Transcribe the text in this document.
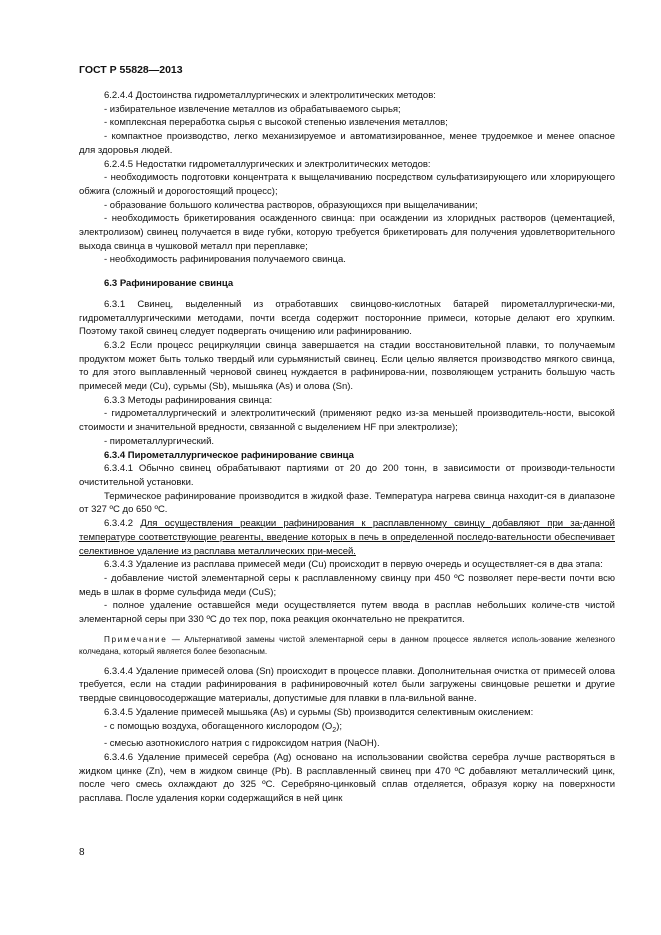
ГОСТ Р 55828—2013

6.2.4.4 Достоинства гидрометаллургических и электролитических методов:

- избирательное извлечение металлов из обрабатываемого сырья;

- комплексная переработка сырья с высокой степенью извлечения металлов;

- компактное производство, легко механизируемое и автоматизированное, менее трудоемкое и менее опасное для здоровья людей.

6.2.4.5 Недостатки гидрометаллургических и электролитических методов:

- необходимость подготовки концентрата к выщелачиванию посредством сульфатизирующего или хлорирующего обжига (сложный и дорогостоящий процесс);

- образование большого количества растворов, образующихся при выщелачивании;

- необходимость брикетирования осажденного свинца: при осаждении из хлоридных растворов (цементацией, электролизом) свинец получается в виде губки, которую требуется брикетировать для получения удовлетворительного выхода свинца в чушковой металл при переплавке;

- необходимость рафинирования получаемого свинца.

6.3 Рафинирование свинца

6.3.1 Свинец, выделенный из отработавших свинцово-кислотных батарей пирометаллургически-ми, гидрометаллургическими методами, почти всегда содержит посторонние примеси, которые делают его хрупким. Поэтому такой свинец следует подвергать очищению или рафинированию.

6.3.2 Если процесс рециркуляции свинца завершается на стадии восстановительной плавки, то получаемым продуктом может быть только твердый или сурьмянистый свинец. Если целью является производство мягкого свинца, то для этого выплавленный черновой свинец нуждается в рафинирова-нии, позволяющем устранить большую часть примесей меди (Cu), сурьмы (Sb), мышьяка (As) и олова (Sn).

6.3.3 Методы рафинирования свинца:

- гидрометаллургический и электролитический (применяют редко из-за меньшей производитель-ности, высокой стоимости и значительной вредности, связанной с выделением HF при электролизе);

- пирометаллургический.

6.3.4 Пирометаллургическое рафинирование свинца

6.3.4.1 Обычно свинец обрабатывают партиями от 20 до 200 тонн, в зависимости от производи-тельности очистительной установки.

Термическое рафинирование производится в жидкой фазе. Температура нагрева свинца находит-ся в диапазоне от 327 ºС до 650 ºС.

6.3.4.2 Для осуществления реакции рафинирования к расплавленному свинцу добавляют при за-данной температуре соответствующие реагенты, введение которых в печь в определенной последо-вательности обеспечивает селективное удаление из расплава металлических при-месей.

6.3.4.3 Удаление из расплава примесей меди (Cu) происходит в первую очередь и осуществляет-ся в два этапа:

- добавление чистой элементарной серы к расплавленному свинцу при 450 ºС позволяет пере-вести почти всю медь в шлак в форме сульфида меди (CuS);

- полное удаление оставшейся меди осуществляется путем ввода в расплав небольших количе-ств чистой элементарной серы при 330 ºС до тех пор, пока реакция окончательно не прекратится.

Примечание — Альтернативой замены чистой элементарной серы в данном процессе является исполь-зование железного колчедана, который является более безопасным.

6.3.4.4 Удаление примесей олова (Sn) происходит в процессе плавки. Дополнительная очистка от примесей олова требуется, если на стадии рафинирования в рафинировочный котел были загружены свинцовые решетки и другие твердые свинцовосодержащие материалы, допустимые для плавки в пла-вильной ванне.

6.3.4.5 Удаление примесей мышьяка (As) и сурьмы (Sb) производится селективным окислением:

- с помощью воздуха, обогащенного кислородом $(O_2)$;

- смесью азотнокислого натрия с гидроксидом натрия (NaOH).

6.3.4.6 Удаление примесей серебра (Ag) основано на использовании свойства серебра лучше растворяться в жидком цинке (Zn), чем в жидком свинце (Pb). В расплавленный свинец при 470 ºС добавляют металлический цинк, после чего смесь охлаждают до 325 ºС. Серебряно-цинковый сплав отделяется, образуя корку на поверхности расплава. После удаления корки содержащийся в ней цинк

8
